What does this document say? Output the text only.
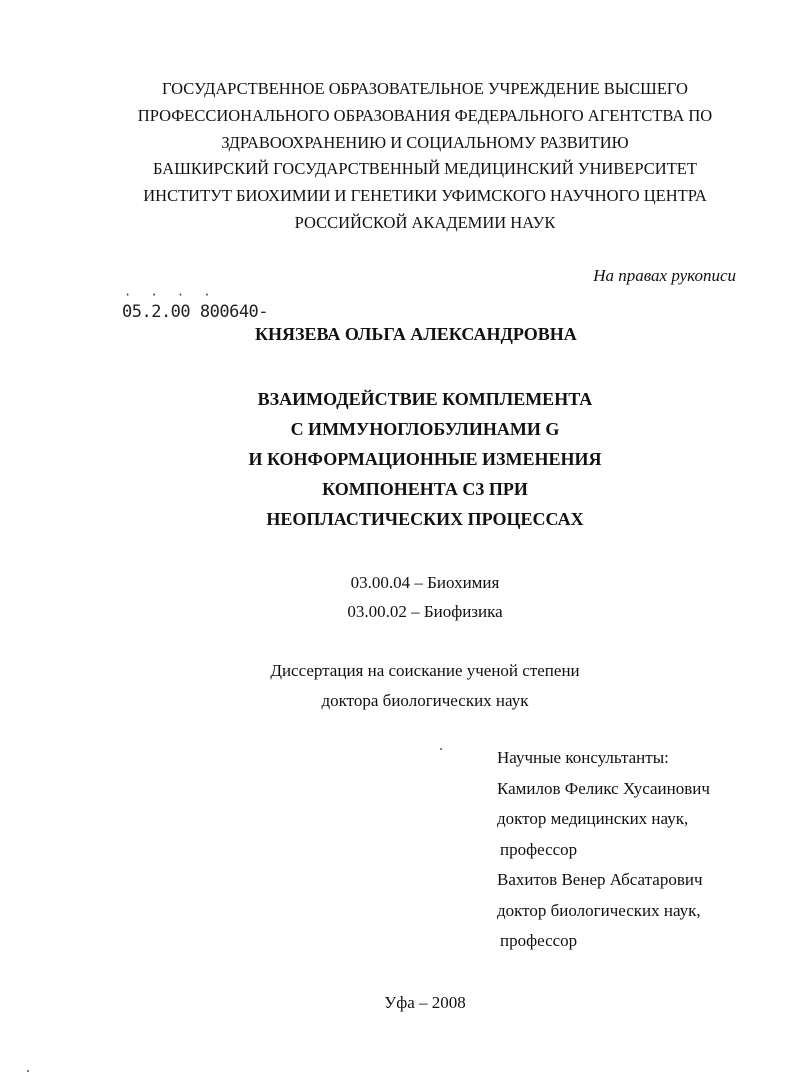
ГОСУДАРСТВЕННОЕ ОБРАЗОВАТЕЛЬНОЕ УЧРЕЖДЕНИЕ ВЫСШЕГО
ПРОФЕССИОНАЛЬНОГО ОБРАЗОВАНИЯ ФЕДЕРАЛЬНОГО АГЕНТСТВА ПО
ЗДРАВООХРАНЕНИЮ И СОЦИАЛЬНОМУ РАЗВИТИЮ
БАШКИРСКИЙ ГОСУДАРСТВЕННЫЙ МЕДИЦИНСКИЙ УНИВЕРСИТЕТ
ИНСТИТУТ БИОХИМИИ И ГЕНЕТИКИ УФИМСКОГО НАУЧНОГО ЦЕНТРА
РОССИЙСКОЙ АКАДЕМИИ НАУК
На правах рукописи
· · · ·
05.2.00 800640-
КНЯЗЕВА ОЛЬГА АЛЕКСАНДРОВНА
ВЗАИМОДЕЙСТВИЕ КОМПЛЕМЕНТА
С ИММУНОГЛОБУЛИНАМИ G
И КОНФОРМАЦИОННЫЕ ИЗМЕНЕНИЯ
КОМПОНЕНТА С3 ПРИ
НЕОПЛАСТИЧЕСКИХ ПРОЦЕССАХ
03.00.04 – Биохимия
03.00.02 – Биофизика
Диссертация на соискание ученой степени
доктора биологических наук
Научные консультанты:
Камилов Феликс Хусаинович
доктор медицинских наук,
профессор
Вахитов Венер Абсатарович
доктор биологических наук,
профессор
Уфа – 2008
